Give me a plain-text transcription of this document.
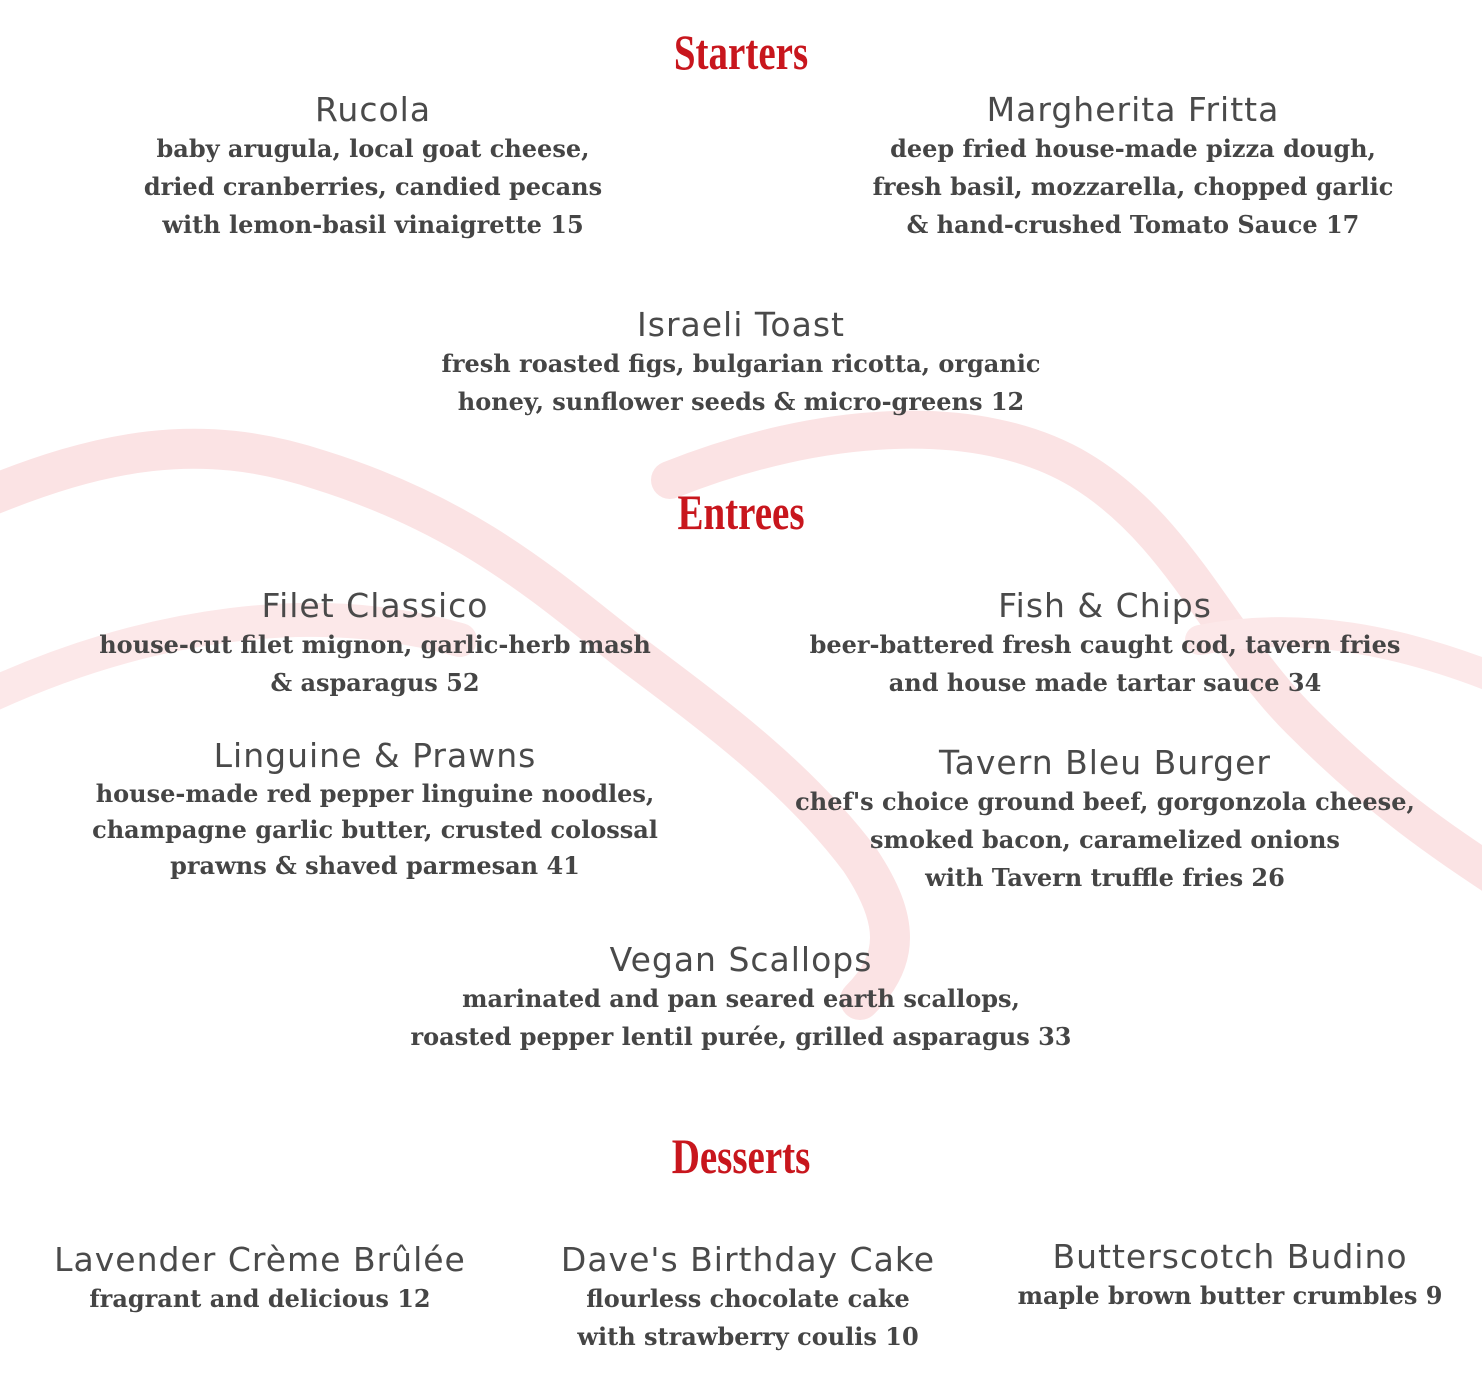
Starters
Rucola
baby arugula, local goat cheese,
dried cranberries, candied pecans
with lemon-basil vinaigrette 15
Margherita Fritta
deep fried house-made pizza dough,
fresh basil, mozzarella, chopped garlic
& hand-crushed Tomato Sauce 17
Israeli Toast
fresh roasted figs, bulgarian ricotta, organic
honey, sunflower seeds & micro-greens 12
Entrees
Filet Classico
house-cut filet mignon, garlic-herb mash
& asparagus 52
Fish & Chips
beer-battered fresh caught cod, tavern fries
and house made tartar sauce 34
Linguine & Prawns
house-made red pepper linguine noodles,
champagne garlic butter, crusted colossal
prawns & shaved parmesan 41
Tavern Bleu Burger
chef's choice ground beef, gorgonzola cheese,
smoked bacon, caramelized onions
with Tavern truffle fries 26
Vegan Scallops
marinated and pan seared earth scallops,
roasted pepper lentil purée, grilled asparagus 33
Desserts
Lavender Crème Brûlée
fragrant and delicious 12
Dave's Birthday Cake
flourless chocolate cake
with strawberry coulis 10
Butterscotch Budino
maple brown butter crumbles 9
